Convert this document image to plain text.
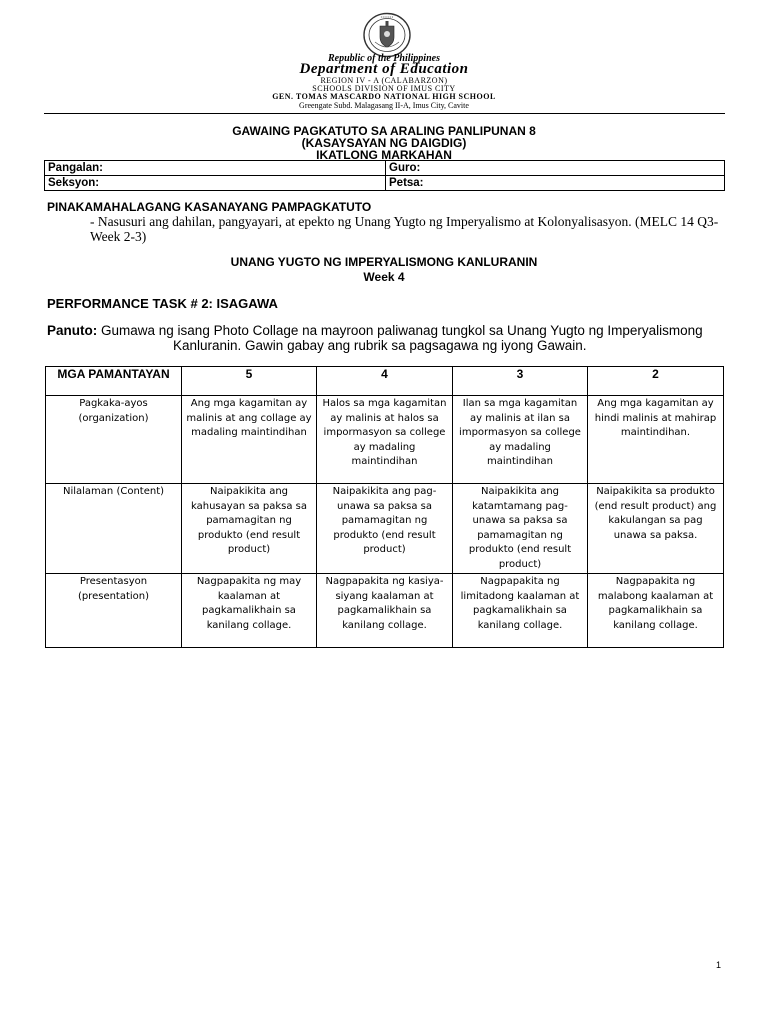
•••••••
Republic of the Philippines
Department of Education
REGION IV - A (CALABARZON)
SCHOOLS DIVISION OF IMUS CITY
GEN. TOMAS MASCARDO NATIONAL HIGH SCHOOL
Greengate Subd. Malagasang II-A, Imus City, Cavite
GAWAING PAGKATUTO SA ARALING PANLIPUNAN 8
(KASAYSAYAN NG DAIGDIG)
IKATLONG MARKAHAN
Pangalan:	Guro:
Seksyon:	Petsa:
PINAKAMAHALAGANG KASANAYANG PAMPAGKATUTO
- Nasusuri ang dahilan, pangyayari, at epekto ng Unang Yugto ng Imperyalismo at Kolonyalisasyon. (MELC 14 Q3- Week 2-3)
UNANG YUGTO NG IMPERYALISMONG KANLURANIN
Week 4
PERFORMANCE TASK # 2: ISAGAWA
Panuto: Gumawa ng isang Photo Collage na mayroon paliwanag tungkol sa Unang Yugto ng Imperyalismong
Kanluranin. Gawin gabay ang rubrik sa pagsagawa ng iyong Gawain.
MGA PAMANTAYAN	5	4	3	2
Pagkaka-ayos (organization)	Ang mga kagamitan ay malinis at ang collage ay madaling maintindihan	Halos sa mga kagamitan ay malinis at halos sa impormasyon sa college ay madaling maintindihan	Ilan sa mga kagamitan ay malinis at ilan sa impormasyon sa college ay madaling maintindihan	Ang mga kagamitan ay hindi malinis at mahirap maintindihan.
Nilalaman (Content)	Naipakikita ang kahusayan sa paksa sa pamamagitan ng produkto (end result product)	Naipakikita ang pag-unawa sa paksa sa pamamagitan ng produkto (end result product)	Naipakikita ang katamtamang pag-unawa sa paksa sa pamamagitan ng produkto (end result product)	Naipakikita sa produkto (end result product) ang kakulangan sa pag unawa sa paksa.
Presentasyon (presentation)	Nagpapakita ng may kaalaman at pagkamalikhain sa kanilang collage.	Nagpapakita ng kasiya- siyang kaalaman at pagkamalikhain sa kanilang collage.	Nagpapakita ng limitadong kaalaman at pagkamalikhain sa kanilang collage.	Nagpapakita ng malabong kaalaman at pagkamalikhain sa kanilang collage.
1
